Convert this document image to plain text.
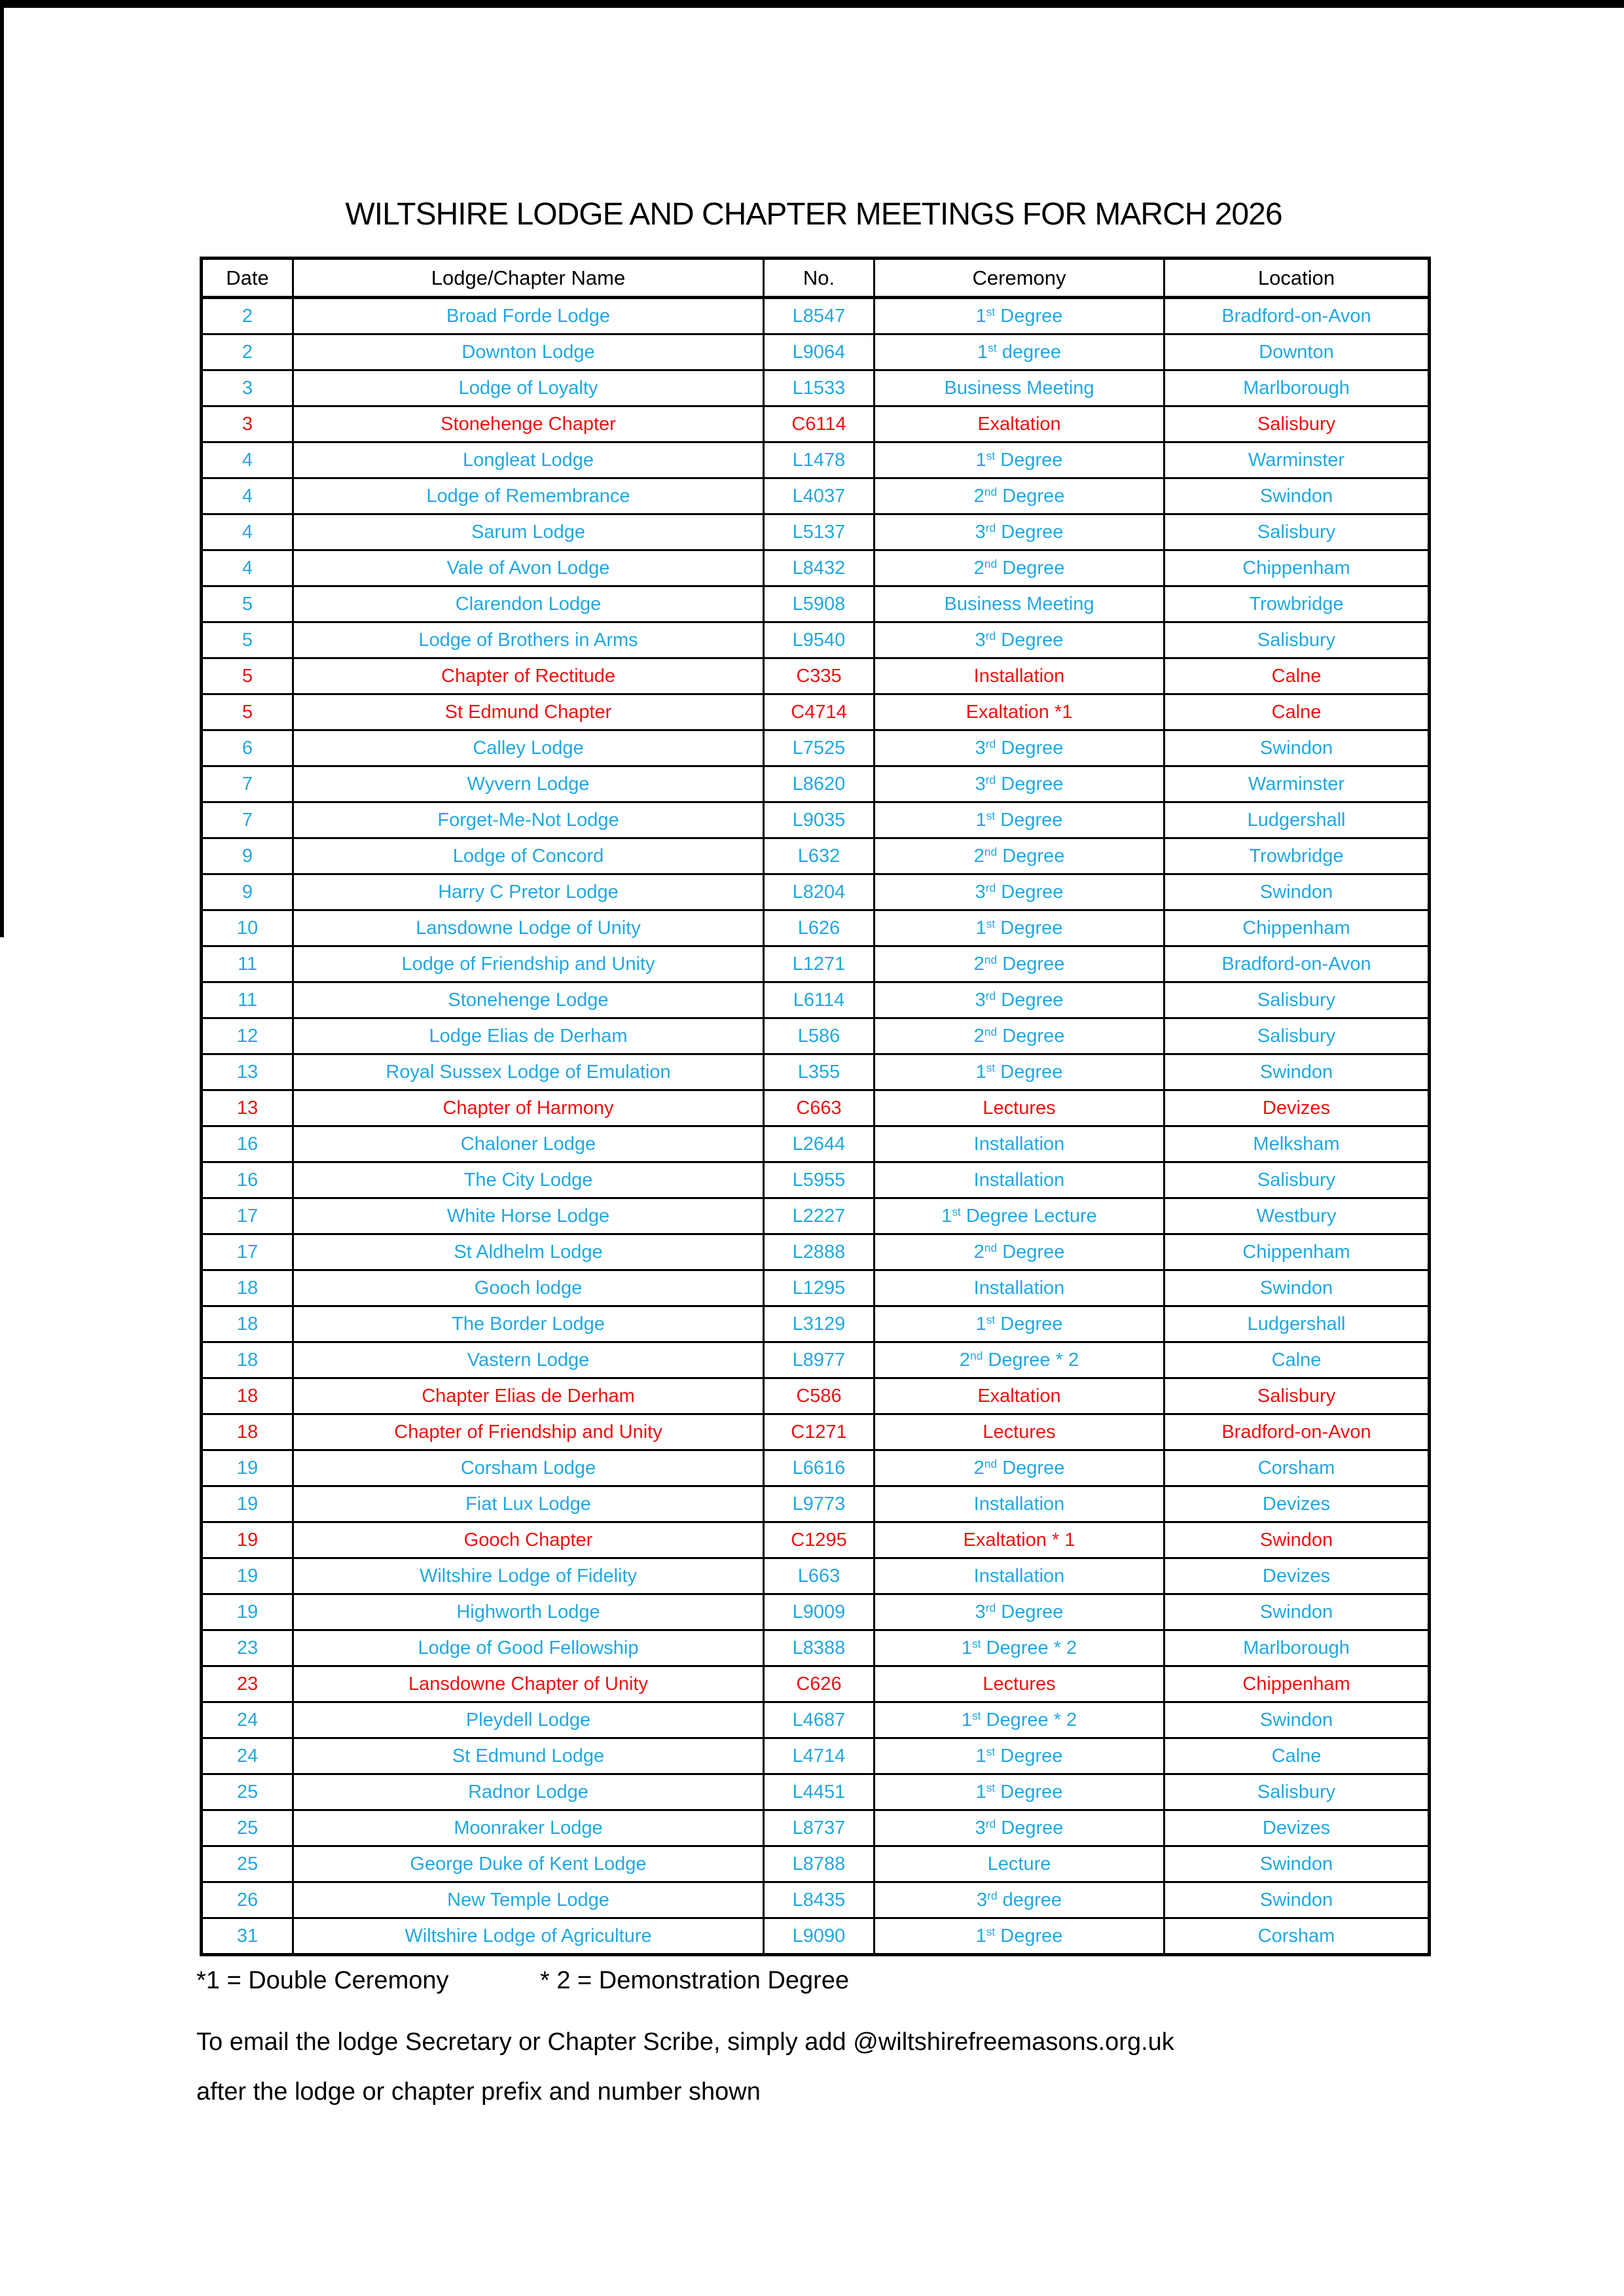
WILTSHIRE LODGE AND CHAPTER MEETINGS FOR MARCH 2026
Date	Lodge/Chapter Name	No.	Ceremony	Location
2	Broad Forde Lodge	L8547	1st Degree	Bradford-on-Avon
2	Downton Lodge	L9064	1st degree	Downton
3	Lodge of Loyalty	L1533	Business Meeting	Marlborough
3	Stonehenge Chapter	C6114	Exaltation	Salisbury
4	Longleat Lodge	L1478	1st Degree	Warminster
4	Lodge of Remembrance	L4037	2nd Degree	Swindon
4	Sarum Lodge	L5137	3rd Degree	Salisbury
4	Vale of Avon Lodge	L8432	2nd Degree	Chippenham
5	Clarendon Lodge	L5908	Business Meeting	Trowbridge
5	Lodge of Brothers in Arms	L9540	3rd Degree	Salisbury
5	Chapter of Rectitude	C335	Installation	Calne
5	St Edmund Chapter	C4714	Exaltation *1	Calne
6	Calley Lodge	L7525	3rd Degree	Swindon
7	Wyvern Lodge	L8620	3rd Degree	Warminster
7	Forget-Me-Not Lodge	L9035	1st Degree	Ludgershall
9	Lodge of Concord	L632	2nd Degree	Trowbridge
9	Harry C Pretor Lodge	L8204	3rd Degree	Swindon
10	Lansdowne Lodge of Unity	L626	1st Degree	Chippenham
11	Lodge of Friendship and Unity	L1271	2nd Degree	Bradford-on-Avon
11	Stonehenge Lodge	L6114	3rd Degree	Salisbury
12	Lodge Elias de Derham	L586	2nd Degree	Salisbury
13	Royal Sussex Lodge of Emulation	L355	1st Degree	Swindon
13	Chapter of Harmony	C663	Lectures	Devizes
16	Chaloner Lodge	L2644	Installation	Melksham
16	The City Lodge	L5955	Installation	Salisbury
17	White Horse Lodge	L2227	1st Degree Lecture	Westbury
17	St Aldhelm Lodge	L2888	2nd Degree	Chippenham
18	Gooch lodge	L1295	Installation	Swindon
18	The Border Lodge	L3129	1st Degree	Ludgershall
18	Vastern Lodge	L8977	2nd Degree * 2	Calne
18	Chapter Elias de Derham	C586	Exaltation	Salisbury
18	Chapter of Friendship and Unity	C1271	Lectures	Bradford-on-Avon
19	Corsham Lodge	L6616	2nd Degree	Corsham
19	Fiat Lux Lodge	L9773	Installation	Devizes
19	Gooch Chapter	C1295	Exaltation * 1	Swindon
19	Wiltshire Lodge of Fidelity	L663	Installation	Devizes
19	Highworth Lodge	L9009	3rd Degree	Swindon
23	Lodge of Good Fellowship	L8388	1st Degree * 2	Marlborough
23	Lansdowne Chapter of Unity	C626	Lectures	Chippenham
24	Pleydell Lodge	L4687	1st Degree * 2	Swindon
24	St Edmund Lodge	L4714	1st Degree	Calne
25	Radnor Lodge	L4451	1st Degree	Salisbury
25	Moonraker Lodge	L8737	3rd Degree	Devizes
25	George Duke of Kent Lodge	L8788	Lecture	Swindon
26	New Temple Lodge	L8435	3rd degree	Swindon
31	Wiltshire Lodge of Agriculture	L9090	1st Degree	Corsham
*1 = Double Ceremony	* 2 = Demonstration Degree
To email the lodge Secretary or Chapter Scribe, simply add @wiltshirefreemasons.org.uk
after the lodge or chapter prefix and number shown
